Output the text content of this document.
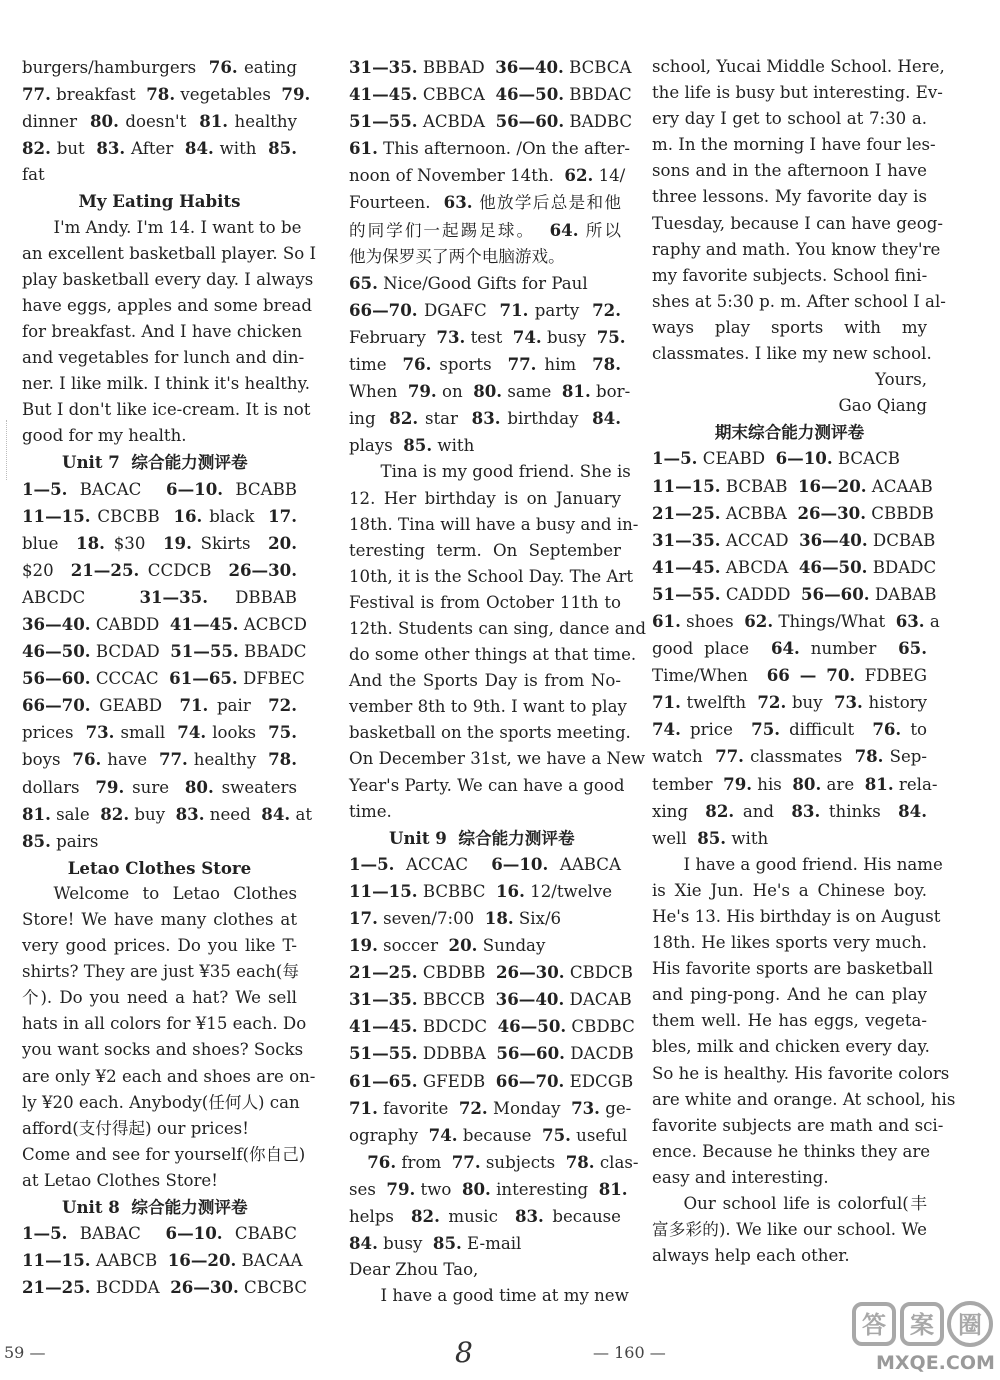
burgers/hamburgers  76. eating
77. breakfast  78. vegetables  79.
dinner  80. doesn't  81. healthy
82. but  83. After  84. with  85.
fat
My Eating Habits
I'm Andy. I'm 14. I want to be
an excellent basketball player. So I
play basketball every day. I always
have eggs, apples and some bread
for breakfast. And I have chicken
and vegetables for lunch and din-
ner. I like milk. I think it's healthy.
But I don't like ice-cream. It is not
good for my health.
Unit 7  综合能力测评卷
1—5. BACAC  6—10. BCABB
11—15. CBCBB  16. black  17.
blue  18. $30  19. Skirts  20.
$20  21—25. CCDCB  26—30.
ABCDC  31—35. DBBAB
36—40. CABDD  41—45. ACBCD
46—50. BCDAD  51—55. BBADC
56—60. CCCAC  61—65. DFBEC
66—70. GEABD  71. pair  72.
prices  73. small  74. looks  75.
boys  76. have  77. healthy  78.
dollars  79. sure  80. sweaters
81. sale  82. buy  83. need  84. at
85. pairs
Letao Clothes Store
Welcome to Letao Clothes
Store! We have many clothes at
very good prices. Do you like T-
shirts? They are just ¥35 each(每
个). Do you need a hat? We sell
hats in all colors for ¥15 each. Do
you want socks and shoes? Socks
are only ¥2 each and shoes are on-
ly ¥20 each. Anybody(任何人) can
afford(支付得起) our prices!
Come and see for yourself(你自己)
at Letao Clothes Store!
Unit 8  综合能力测评卷
1—5. BABAC  6—10. CBABC
11—15. AABCB  16—20. BACAA
21—25. BCDDA  26—30. CBCBC
31—35. BBBAD  36—40. BCBCA
41—45. CBBCA  46—50. BBDAC
51—55. ACBDA  56—60. BADBC
61. This afternoon. /On the after-
noon of November 14th.  62. 14/
Fourteen.  63. 他放学后总是和他
的同学们一起踢足球。  64. 所以
他为保罗买了两个电脑游戏。
65. Nice/Good Gifts for Paul
66—70. DGAFC  71. party  72.
February  73. test  74. busy  75.
time  76. sports  77. him  78.
When  79. on  80. same  81. bor-
ing  82. star  83. birthday  84.
plays  85. with
Tina is my good friend. She is
12. Her birthday is on January
18th. Tina will have a busy and in-
teresting term. On September
10th, it is the School Day. The Art
Festival is from October 11th to
12th. Students can sing, dance and
do some other things at that time.
And the Sports Day is from No-
vember 8th to 9th. I want to play
basketball on the sports meeting.
On December 31st, we have a New
Year's Party. We can have a good
time.
Unit 9  综合能力测评卷
1—5. ACCAC  6—10. AABCA
11—15. BCBBC  16. 12/twelve
17. seven/7:00  18. Six/6
19. soccer  20. Sunday
21—25. CBDBB  26—30. CBDCB
31—35. BBCCB  36—40. DACAB
41—45. BDCDC  46—50. CBDBC
51—55. DDBBA  56—60. DACDB
61—65. GFEDB  66—70. EDCGB
71. favorite  72. Monday  73. ge-
ography  74. because  75. useful
76. from  77. subjects  78. clas-
ses  79. two  80. interesting  81.
helps  82. music  83. because
84. busy  85. E-mail
Dear Zhou Tao,
I have a good time at my new
school, Yucai Middle School. Here,
the life is busy but interesting. Ev-
ery day I get to school at 7:30 a.
m. In the morning I have four les-
sons and in the afternoon I have
three lessons. My favorite day is
Tuesday, because I can have geog-
raphy and math. You know they're
my favorite subjects. School fini-
shes at 5:30 p. m. After school I al-
ways play sports with my
classmates. I like my new school.
Yours,
Gao Qiang
期末综合能力测评卷
1—5. CEABD  6—10. BCACB
11—15. BCBAB  16—20. ACAAB
21—25. ACBBA  26—30. CBBDB
31—35. ACCAD  36—40. DCBAB
41—45. ABCDA  46—50. BDADC
51—55. CADDD  56—60. DABAB
61. shoes  62. Things/What  63. a
good place  64. number  65.
Time/When  66 — 70. FDBEG
71. twelfth  72. buy  73. history
74. price  75. difficult  76. to
watch  77. classmates  78. Sep-
tember  79. his  80. are  81. rela-
xing  82. and  83. thinks  84.
well  85. with
I have a good friend. His name
is Xie Jun. He's a Chinese boy.
He's 13. His birthday is on August
18th. He likes sports very much.
His favorite sports are basketball
and ping-pong. And he can play
them well. He has eggs, vegeta-
bles, milk and chicken every day.
So he is healthy. His favorite colors
are white and orange. At school, his
favorite subjects are math and sci-
ence. Because he thinks they are
easy and interesting.
Our school life is colorful(丰
富多彩的). We like our school. We
always help each other.
59 —	8	— 160 —
答 案 圈
MXQE.COM
